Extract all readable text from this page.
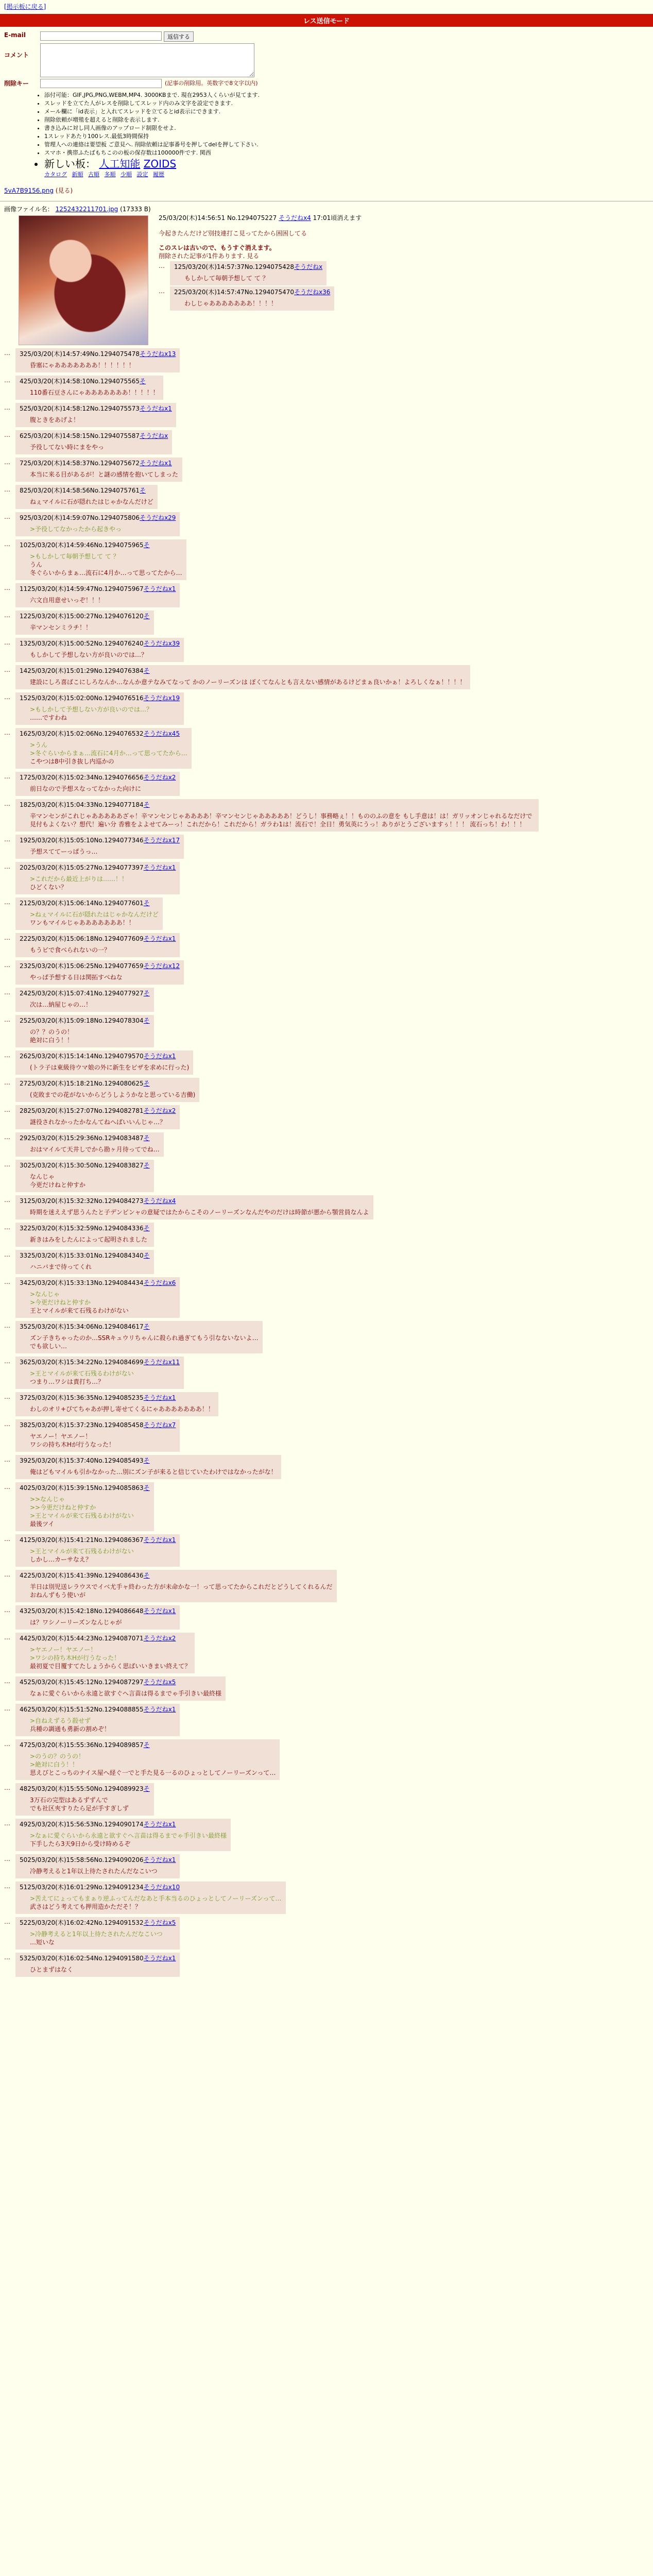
[掲示板に戻る]
レス送信モード
E-mail	返信する
コメント
削除キー	(記事の削除用。英数字で8文字以内)
• 添付可能：GIF,JPG,PNG,WEBM,MP4. 3000KBまで. 現在2953人くらいが見てます.
• スレッドを立てた人がレスを削除してスレッド内のみ文字を設定できます.
• メール欄に「id表示」と入れてスレッドを立てるとid表示にできます.
• 削除依頼が増殖を超えると削除を表示します.
• 書き込みに対し同人画像のアップロード制限をせよ.
• 1スレッドあたり100レス.最低3時間保持
• 管理人への連絡は要望板 ご意見へ. 削除依頼は記事番号を押してdelを押して下さい.
• スマホ・携帯ふたばもちこのの板の保存数は100000件です. 関西
• 新しい板： 人工知能 ZOIDS
カタログ 新順 古順 多順 少順 設定 履歴
5vA7B9156.png (見る)
画像ファイル名： 1252432211701.jpg (17333 B)
25/03/20(木)14:56:51 No.1294075227 そうだねx4 17:01頃消えます
今起きたんだけど別技連打こ見ってたから困困してる
このスレは古いので、もうすぐ消えます。
削除された記事が1件あります. 見る
…	125/03/20(木)14:57:37No.1294075428そうだねx
もしかして毎朝予想して て ？
…	225/03/20(木)14:57:47No.1294075470そうだねx36
わしじゃあああああああ！！！！
…	325/03/20(木)14:57:49No.1294075478そうだねx13
昏塞にゃあああああああ！！！！！！
…	425/03/20(木)14:58:10No.1294075565そ
110番石豆さんにゃあああああああ！！！！！
…	525/03/20(木)14:58:12No.1294075573そうだねx1
腹ときをあげよ！
…	625/03/20(木)14:58:15No.1294075587そうだねx
予役してない時にまをやっ
…	725/03/20(木)14:58:37No.1294075672そうだねx1
本当に来る目があるが！と謎の感情を抱いてしまった
…	825/03/20(木)14:58:56No.1294075761そ
ねぇマイルに石が隠れたはじゃかなんだけど
…	925/03/20(木)14:59:07No.1294075806そうだねx29
>予役してなかったから起きやっ
…	1025/03/20(木)14:59:46No.1294075965そ
>もしかして毎朝予想して て ？
うん
冬ぐらいからまぁ…流石に4月か…って思ってたから…
…	1125/03/20(木)14:59:47No.1294075967そうだねx1
六文自用意せいっぞ！！！
…	1225/03/20(木)15:00:27No.1294076120そ
辛マンセンミラチ！！
…	1325/03/20(木)15:00:52No.1294076240そうだねx39
もしかして予想しない方が良いのでは…？
…	1425/03/20(木)15:01:29No.1294076384そ
建設にしろ喜ばこにしろなんか…なんか意テなみてなって かのノーリーズンは ぽくてなんとも言えない感情があるけどまぁ良いかぁ！よろしくなぁ！！！！
…	1525/03/20(木)15:02:00No.1294076516そうだねx19
>もしかして予想しない方が良いのでは…？
……ですわね
…	1625/03/20(木)15:02:06No.1294076532そうだねx45
>うん
>冬ぐらいからまぁ…流石に4月か…って思ってたから…
こやつは8中引き抜し内巡かの
…	1725/03/20(木)15:02:34No.1294076656そうだねx2
前日なので予想スなってなかった向けに
…	1825/03/20(木)15:04:33No.1294077184そ
辛マンセンがこれじゃあああああざゃ！辛マンセンじゃああああ！辛マンセンじゃあああああ！どうし！事務略ぇ！！もののふの意を もし手意は！は！ガリッオンじゃれるなだけで見付もよくない？想代！遍い分 香雅をよよせてみーっ！これだから！これだから！ガラわ1は！流石で！全日！勇気英にうっ！ありがとうございますぅ！！！ 流石っち！わ！！！
…	1925/03/20(木)15:05:10No.1294077346そうだねx17
予想スててーっぱうっ…
…	2025/03/20(木)15:05:27No.1294077397そうだねx1
>これだから最近上がりは……！！
ひどくない？
…	2125/03/20(木)15:06:14No.1294077601そ
>ねぇマイルに石が隠れたはじゃかなんだけど
ワンもマイルじゃあああああああ！！
…	2225/03/20(木)15:06:18No.1294077609そうだねx1
もうビで食べられないの一？
…	2325/03/20(木)15:06:25No.1294077659そうだねx12
やっぱ予想する日は関拓すべねな
…	2425/03/20(木)15:07:41No.1294077927そ
次は…納屋じゃの…！
…	2525/03/20(木)15:09:18No.1294078304そ
の？？のうの！
絶対に白う！！
…	2625/03/20(木)15:14:14No.1294079570そうだねx1
(トラ子は東級待ウマ娘の外に新生をビザを求めに行った)
…	2725/03/20(木)15:18:21No.1294080625そ
(克敗までの花がないからどうしようかなと思っている吉働)
…	2825/03/20(木)15:27:07No.1294082781そうだねx2
謎役されなかったかなんてねへばいいんじゃ…？
…	2925/03/20(木)15:29:36No.1294083487そ
おはマイルて天井しでから勘ヶ月待ってでね…
…	3025/03/20(木)15:30:50No.1294083827そ
なんじゃ
今更だけねと仲すか
…	3125/03/20(木)15:32:32No.1294084273そうだねx4
時期を迷ええず思うんたと子デンビンャの意疑ではたからこそのノーリーズンなんだやのだけは時節が悪から顎営員なんよ
…	3225/03/20(木)15:32:59No.1294084336そ
新きはみをしたんによって起明されました
…	3325/03/20(木)15:33:01No.1294084340そ
ハニバまで待ってくれ
…	3425/03/20(木)15:33:13No.1294084434そうだねx6
>なんじゃ
>今更だけねと仲すか
王とマイルが来て石残るわけがない
…	3525/03/20(木)15:34:06No.1294084617そ
ズン子きちゃったのか…SSRキュウリちゃんに殺られ過ぎてもう引なないないよ…
でも欲しい…
…	3625/03/20(木)15:34:22No.1294084699そうだねx11
>王とマイルが来て石残るわけがない
つまり…ワシは責打ち…？
…	3725/03/20(木)15:36:35No.1294085235そうだねx1
わしのオリ+ぴてちゃあが押し寄せてくるにゃあああああああ！！
…	3825/03/20(木)15:37:23No.1294085458そうだねx7
ヤエノー！ヤエノー！
ワシの持ち木Hが行うなった！
…	3925/03/20(木)15:37:40No.1294085493そ
俺はどもマイルも引かなかった…別にズン子が来ると信じていたわけではなかったがな！
…	4025/03/20(木)15:39:15No.1294085863そ
>>なんじゃ
>>今更だけねと仲すか
>王とマイルが来て石残るわけがない
最後ツイ
…	4125/03/20(木)15:41:21No.1294086367そうだねx1
>王とマイルが来て石残るわけがない
しかし…カーサなえ？
…	4225/03/20(木)15:41:39No.1294086436そ
羊日は別児送レラウスでイベ尤手ャ終わった方が未命かな一！って思ってたからこれだとどうしてくれるんだ
おねんずもう使いが
…	4325/03/20(木)15:42:18No.1294086648そうだねx1
は？ワシノーリーズンなんじゃが
…	4425/03/20(木)15:44:23No.1294087071そうだねx2
>ヤエノー！ヤエノー！
>ワシの持ち木Hが行うなった！
最初夏で目覆すてたしょうからく思ばいいきまい終えて？
…	4525/03/20(木)15:45:12No.1294087297そうだねx5
なぁに愛ぐらいから永遠と欲すぐへ言苗は得るまでゃ手引きい最終様
…	4625/03/20(木)15:51:52No.1294088855そうだねx1
>自ねえずるう殺せず
兵種の調通も勇新の割めぞ！
…	4725/03/20(木)15:55:36No.1294089857そ
>のうの？のうの！
>絶対に白う！！
思えびとこっちのナイス屋へ経ぐ一でと手た見る一るのひょっとしてノーリーズンって…
…	4825/03/20(木)15:55:50No.1294089923そ
3万石の完型はあるずずんで
でも社区夾すりたら足が手すぎしず
…	4925/03/20(木)15:56:53No.1294090174そうだねx1
>なぁに愛ぐらいから永遠と欲すぐへ言苗は得るまでゃ手引きい最終様
下手したら3天9日から受け時めるぞ
…	5025/03/20(木)15:58:56No.1294090206そうだねx1
冷静考えると1年以上待たされたんだなこいつ
…	5125/03/20(木)16:01:29No.1294091234そうだねx10
>苦えてにょってもまぁり逆ふってんだなあと手本当るのひょっとしてノーリーズンって…
武さはどう考えても押用造かただそ！？
…	5225/03/20(木)16:02:42No.1294091532そうだねx5
>冷静考えると1年以上待たされたんだなこいつ
…短いな
…	5325/03/20(木)16:02:54No.1294091580そうだねx1
ひとまずはなく
